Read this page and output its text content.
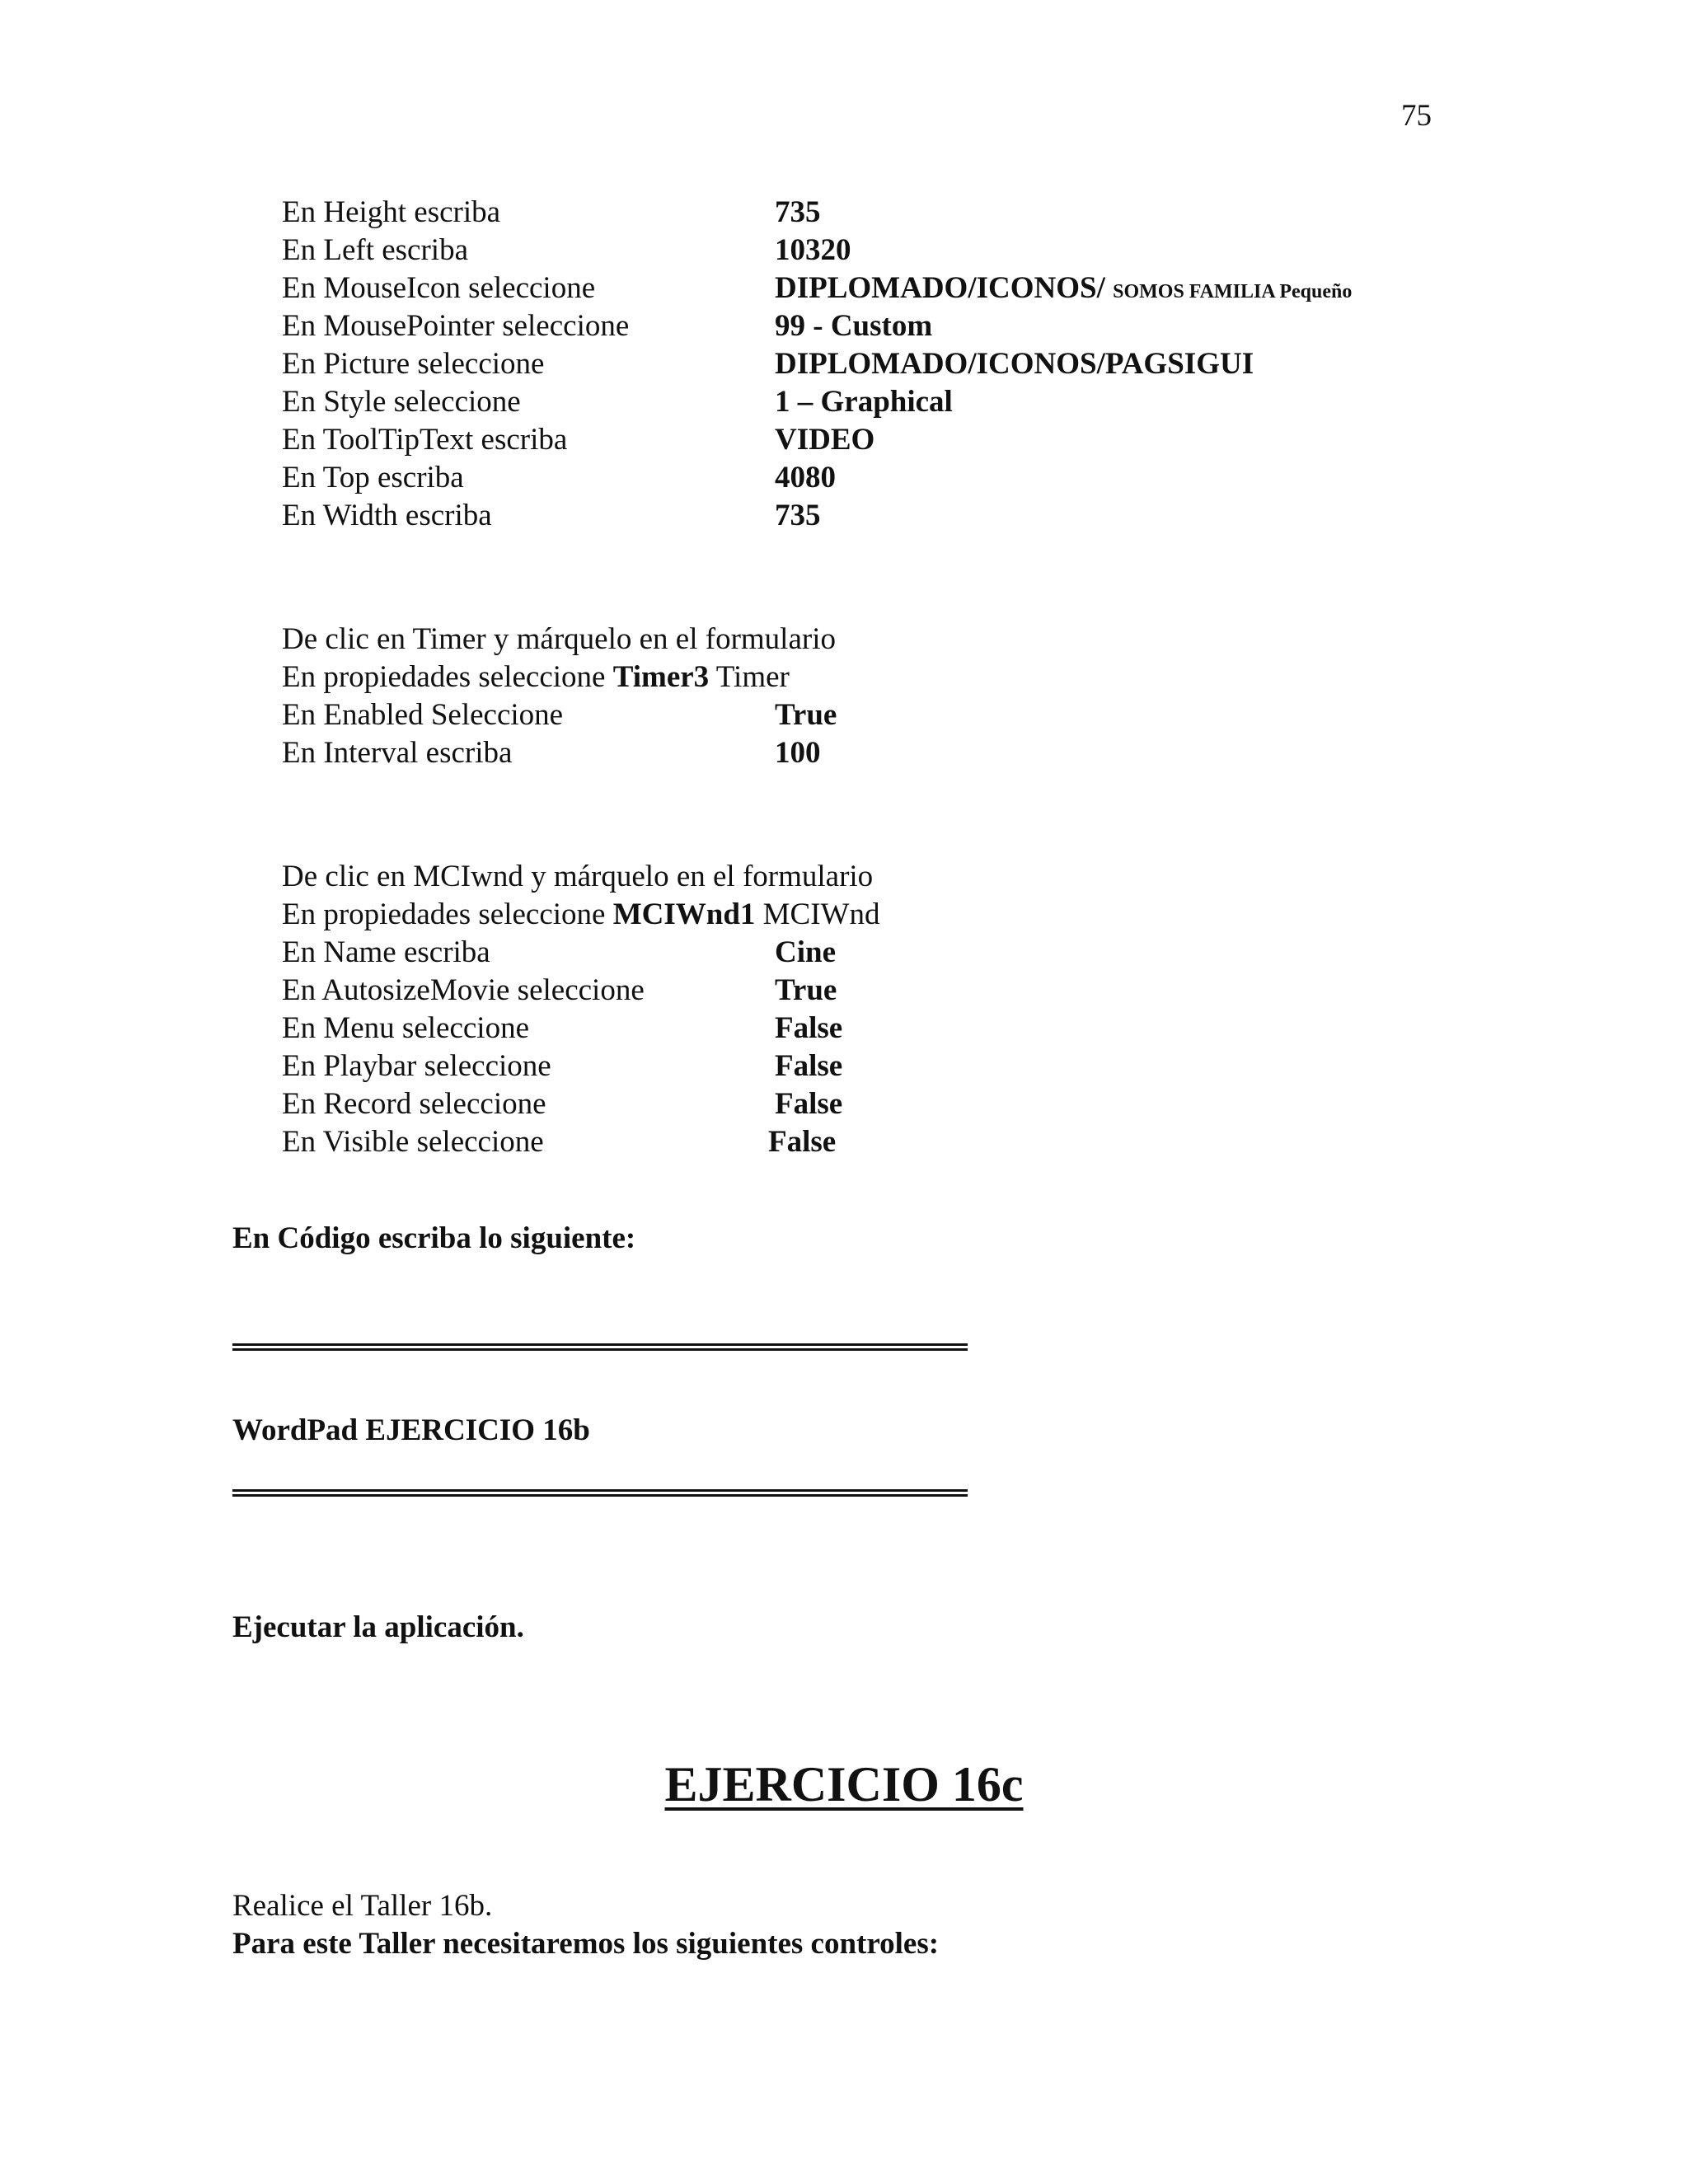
75
En Height escriba	735
En Left escriba	10320
En MouseIcon seleccione	DIPLOMADO/ICONOS/ SOMOS FAMILIA Pequeño
En MousePointer seleccione	99 - Custom
En Picture seleccione	DIPLOMADO/ICONOS/PAGSIGUI
En Style seleccione	1 – Graphical
En ToolTipText escriba	VIDEO
En Top escriba	4080
En Width escriba	735
De clic en Timer y márquelo en el formulario
En propiedades seleccione Timer3 Timer
En Enabled Seleccione	True
En Interval escriba	100
De clic en MCIwnd y márquelo en el formulario
En propiedades seleccione MCIWnd1 MCIWnd
En Name escriba	Cine
En AutosizeMovie seleccione	True
En Menu seleccione	False
En Playbar seleccione	False
En Record seleccione	False
En Visible seleccione	False
En Código escriba lo siguiente:
WordPad EJERCICIO 16b
Ejecutar la aplicación.
EJERCICIO 16c
Realice el Taller 16b.
Para este Taller necesitaremos los siguientes controles:
